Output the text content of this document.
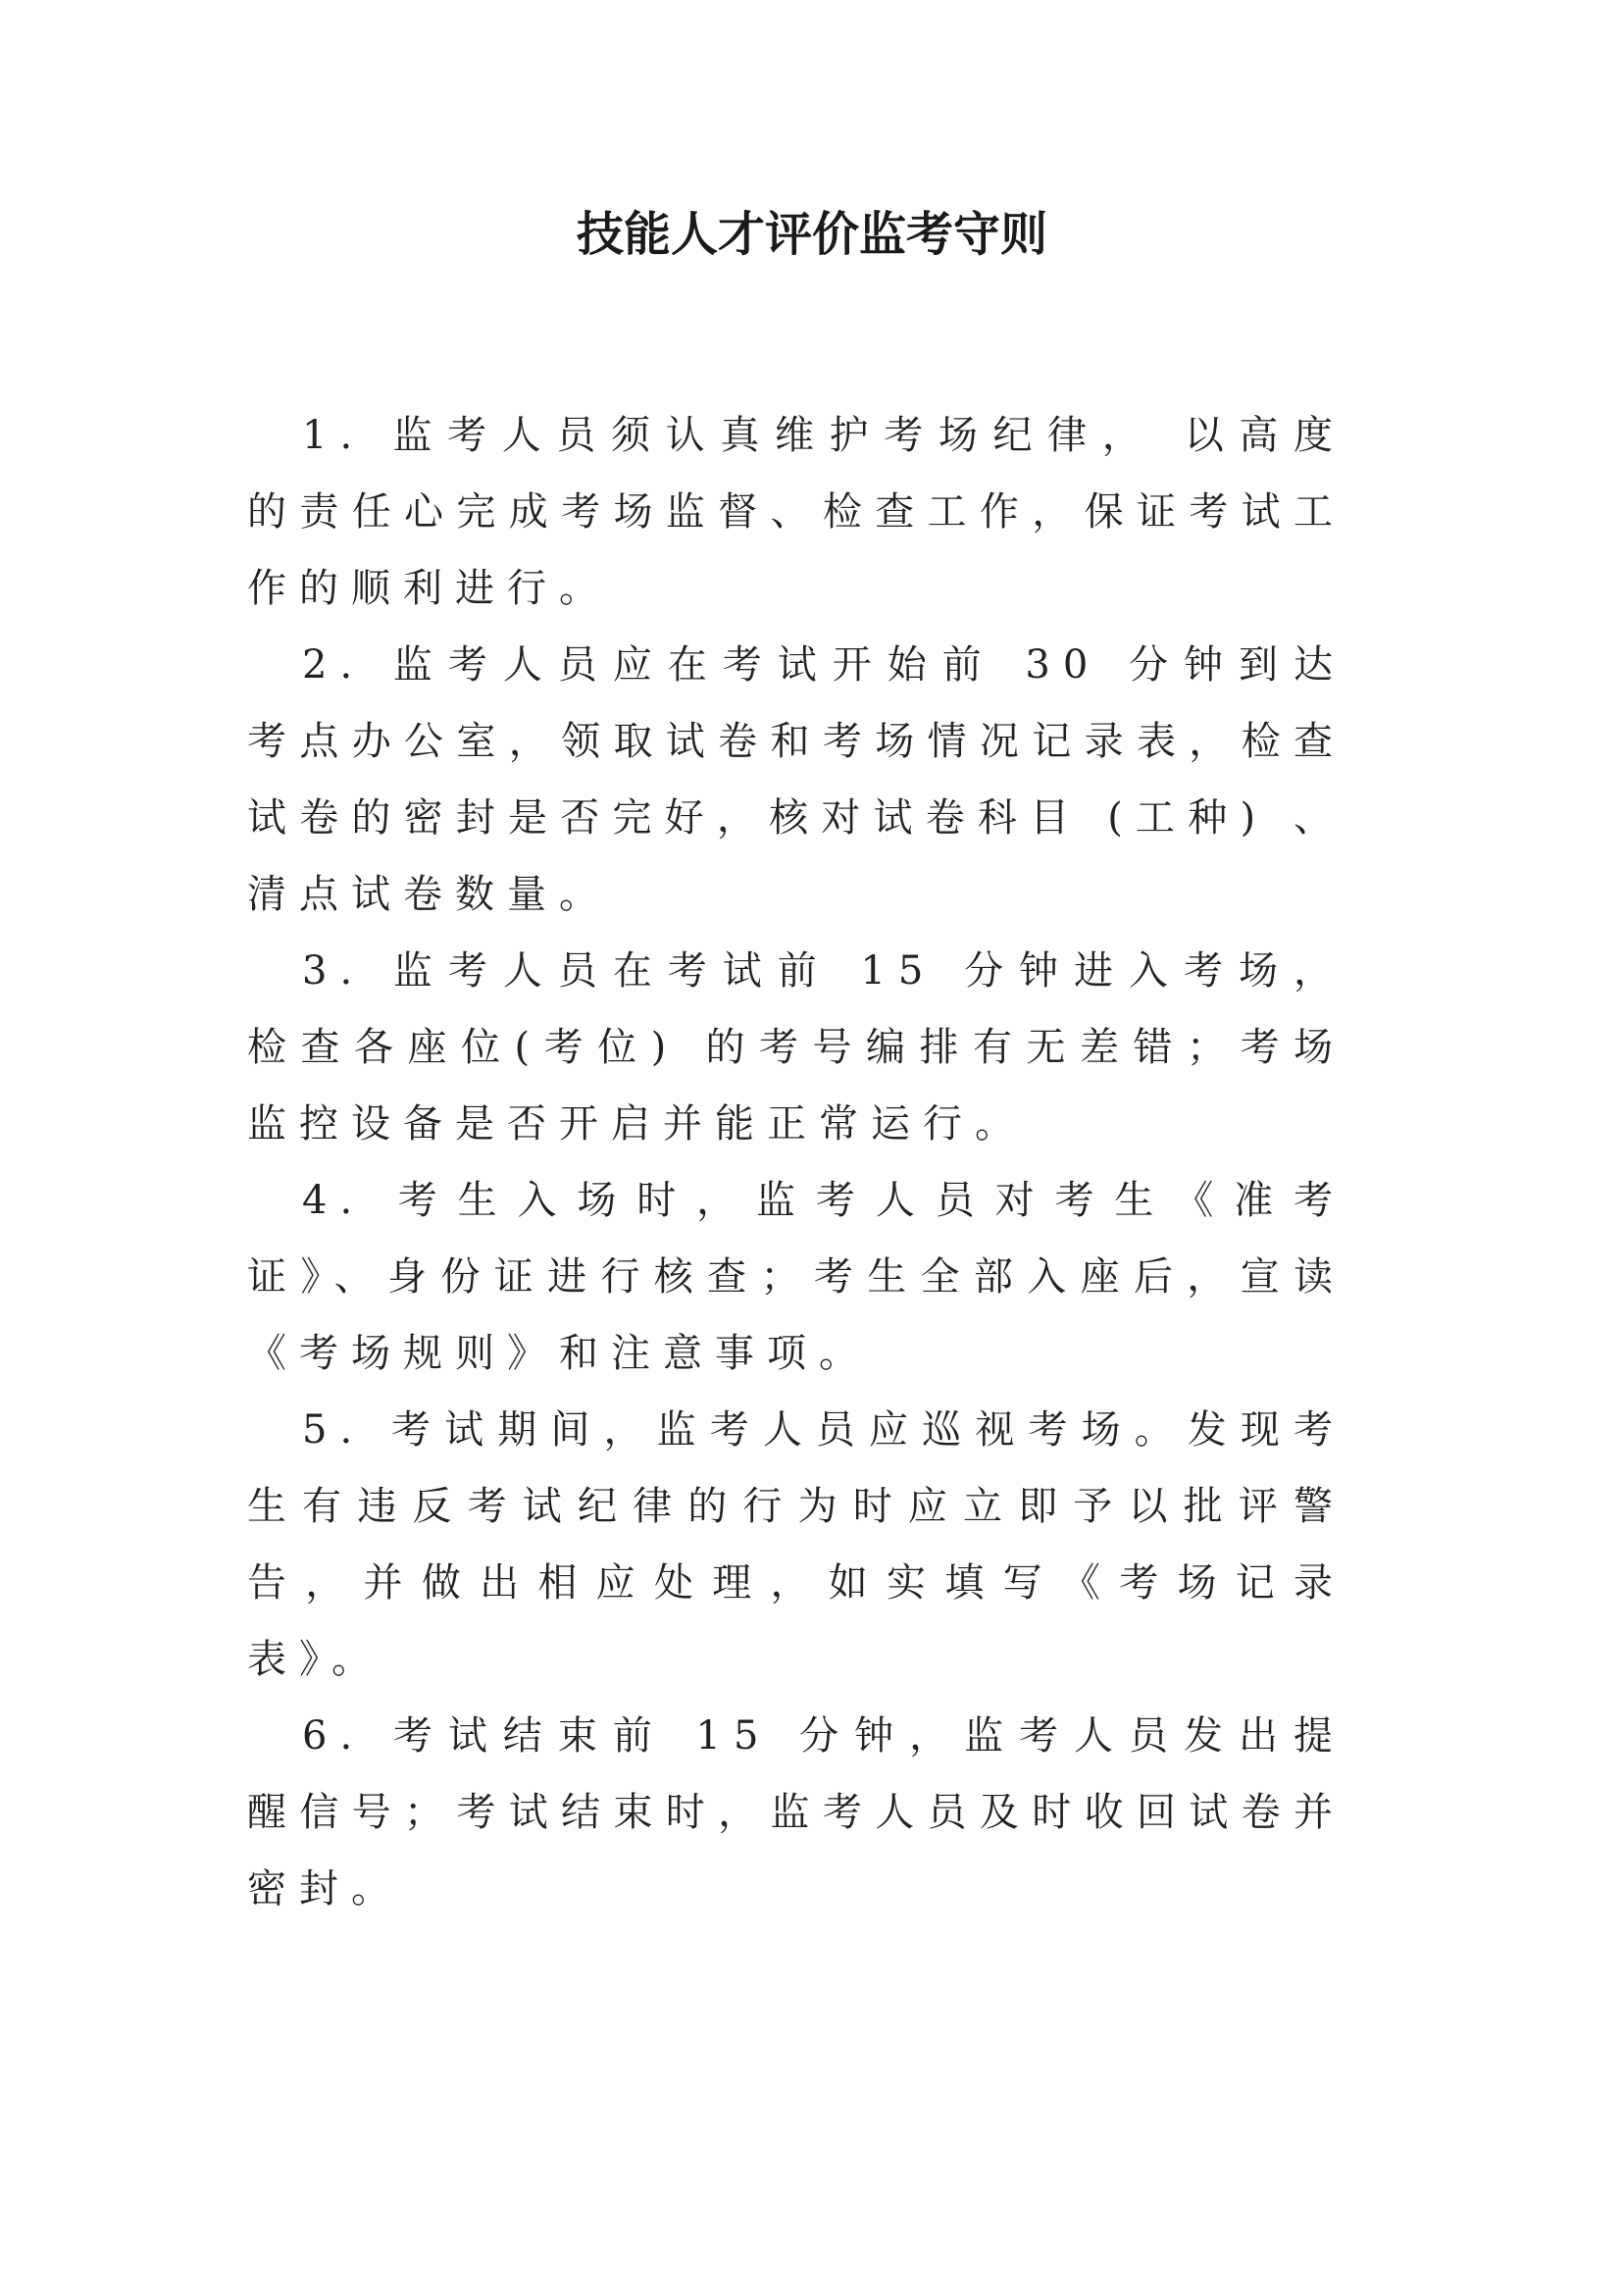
技能人才评价监考守则

1. 监考人员须认真维护考场纪律， 以高度的责任心完成考场监督、检查工作，保证考试工作的顺利进行。

2. 监考人员应在考试开始前 30 分钟到达考点办公室，领取试卷和考场情况记录表，检查试卷的密封是否完好，核对试卷科目 (工种) 、清点试卷数量。

3. 监考人员在考试前 15 分钟进入考场，检查各座位(考位) 的考号编排有无差错；考场监控设备是否开启并能正常运行。

4. 考生入场时，监考人员对考生《准考证》、身份证进行核查；考生全部入座后，宣读《考场规则》和注意事项。

5. 考试期间，监考人员应巡视考场。发现考生有违反考试纪律的行为时应立即予以批评警告，并做出相应处理，如实填写《考场记录表》。

6. 考试结束前 15 分钟，监考人员发出提醒信号；考试结束时，监考人员及时收回试卷并密封。
